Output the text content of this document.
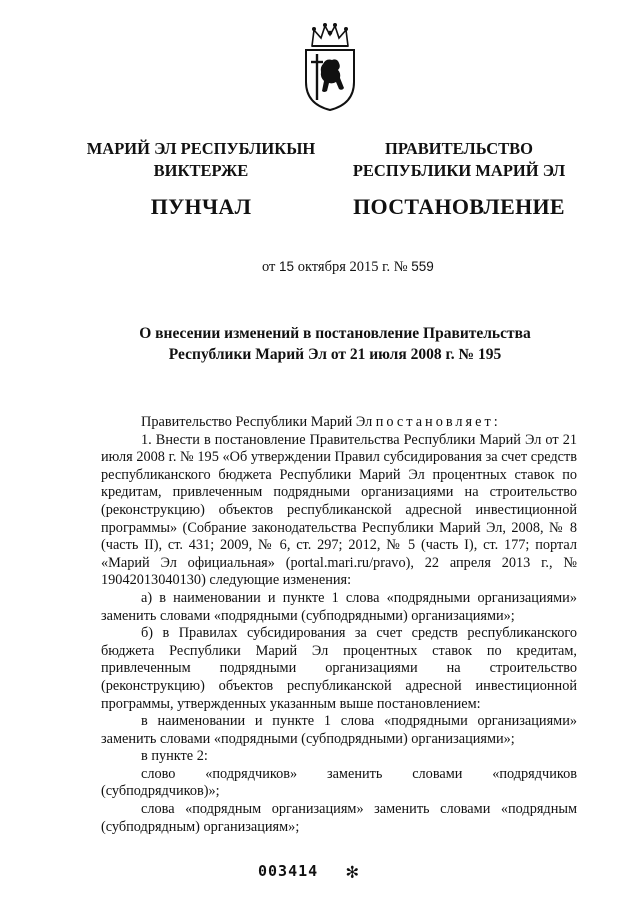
МАРИЙ ЭЛ РЕСПУБЛИКЫН
ВИКТЕРЖЕ
ПУНЧАЛ
ПРАВИТЕЛЬСТВО
РЕСПУБЛИКИ МАРИЙ ЭЛ
ПОСТАНОВЛЕНИЕ
от 15 октября 2015 г. № 559
О внесении изменений в постановление Правительства
Республики Марий Эл от 21 июля 2008 г. № 195

Правительство Республики Марий Эл постановляет:

1. Внести в постановление Правительства Республики Марий Эл от 21 июля 2008 г. № 195 «Об утверждении Правил субсидирования за счет средств республиканского бюджета Республики Марий Эл процентных ставок по кредитам, привлеченным подрядными организациями на строительство (реконструкцию) объектов республиканской адресной инвестиционной программы» (Собрание законодательства Республики Марий Эл, 2008, № 8 (часть II), ст. 431; 2009, № 6, ст. 297; 2012, № 5 (часть I), ст. 177; портал «Марий Эл официальная» (portal.mari.ru/pravo), 22 апреля 2013 г., № 19042013040130) следующие изменения:

а) в наименовании и пункте 1 слова «подрядными организациями» заменить словами «подрядными (субподрядными) организациями»;

б) в Правилах субсидирования за счет средств республиканского бюджета Республики Марий Эл процентных ставок по кредитам, привлеченным подрядными организациями на строительство (реконструкцию) объектов республиканской адресной инвестиционной программы, утвержденных указанным выше постановлением:

в наименовании и пункте 1 слова «подрядными организациями» заменить словами «подрядными (субподрядными) организациями»;

в пункте 2:

слово «подрядчиков» заменить словами «подрядчиков (субподрядчиков)»;

слова «подрядным организациям» заменить словами «подрядным (субподрядным) организациям»;

003414 ✻
